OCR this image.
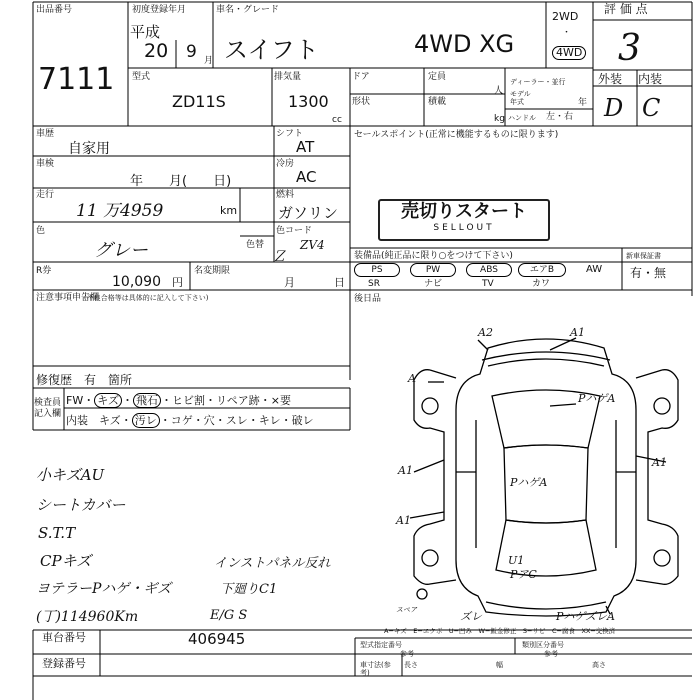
出品番号
7111
初度登録年月
平成
20 9 月
車名・グレード
スイフト	4WD XG
2WD
・
4WD
評 価 点
3
外装 内装
D C
型式
ZD11S
排気量
1300
cc
ドア
形状
定員
人
積載
kg
ディーラー・並行
モデル年式	年
ハンドル 左・右
車歴
自家用
車検
年　　月(　　日)
走行
11 万4959	km
色
グレー	色替
Ｚ
シフト
AT
冷房
AC
燃料
ガソリン
色コード
ZV4
R券
10,090 円
名変期限
月	日
注意事項申告欄
(不良合格等は具体的に記入して下さい)
修復歴　有　箇所
検査員記入欄
FW・ キズ ・ 飛石 ・ヒビ割・リペア跡・×要
内装　 キズ・ 汚レ ・コゲ・穴・スレ・キレ・破レ
セールスポイント(正常に機能するものに限ります)
売切りスタート
SELLOUT
装備品(純正品に限り○をつけて下さい)
PS	PW	ABS	エアB	AW
SR	ナビ	TV	カワ
新車保証書
有・無
後日品
小キズAU
シートカバー
S.T.T
CPキズ
ヨテラーPハゲ・ギズ
(丁)114960Km
インストパネル反れ
下廻りC1
E/G S
車台番号	406945
登録番号
型式指定番号
参考
類別区分番号
参考
車寸法(参考)
長さ	幅	高さ
A−キズ　E−エクボ　U−凹み　W−鈑金修正　S−サビ　C−腐食　XX−交換済
A2	A1
A
PハゲA
A1
A1
PハゲA
A1
U1
PアC
スペア	ズレ	PハゲズレA
